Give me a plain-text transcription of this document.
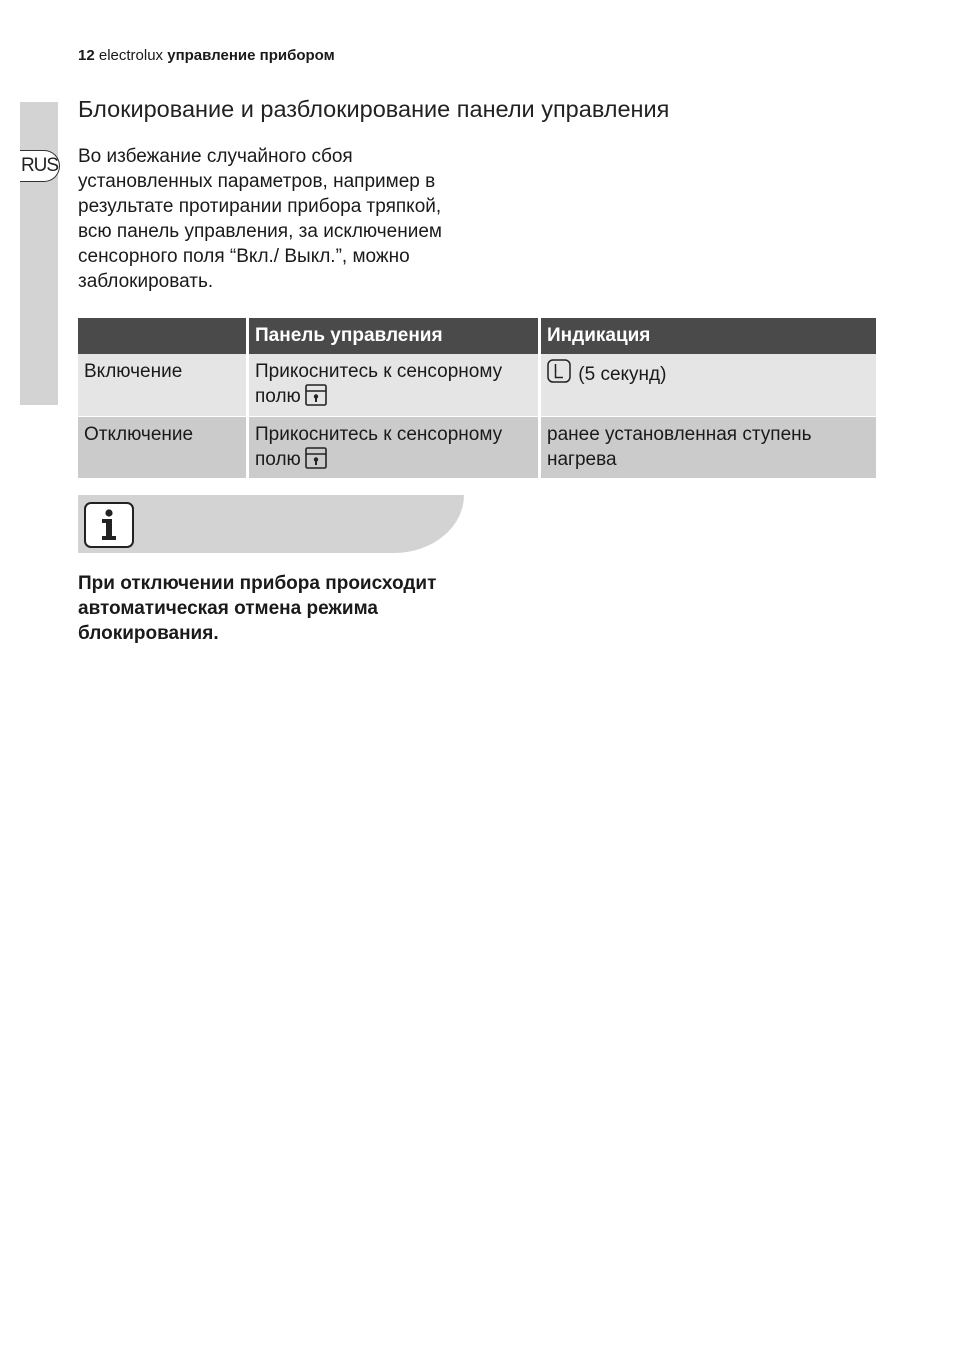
RUS
12 electrolux управление прибором
Блокирование и разблокирование панели управления

Во избежание случайного сбоя установленных параметров, например в результате протирании прибора тряпкой, всю панель управления, за исключением сенсорного поля “Вкл./ Выкл.”, можно заблокировать.

	Панель управления	Индикация
Включение	Прикоснитесь к сенсорному полю	(5 секунд)
Отключение	Прикоснитесь к сенсорному полю	ранее установленная ступень нагрева

При отключении прибора происходит автоматическая отмена режима блокирования.
